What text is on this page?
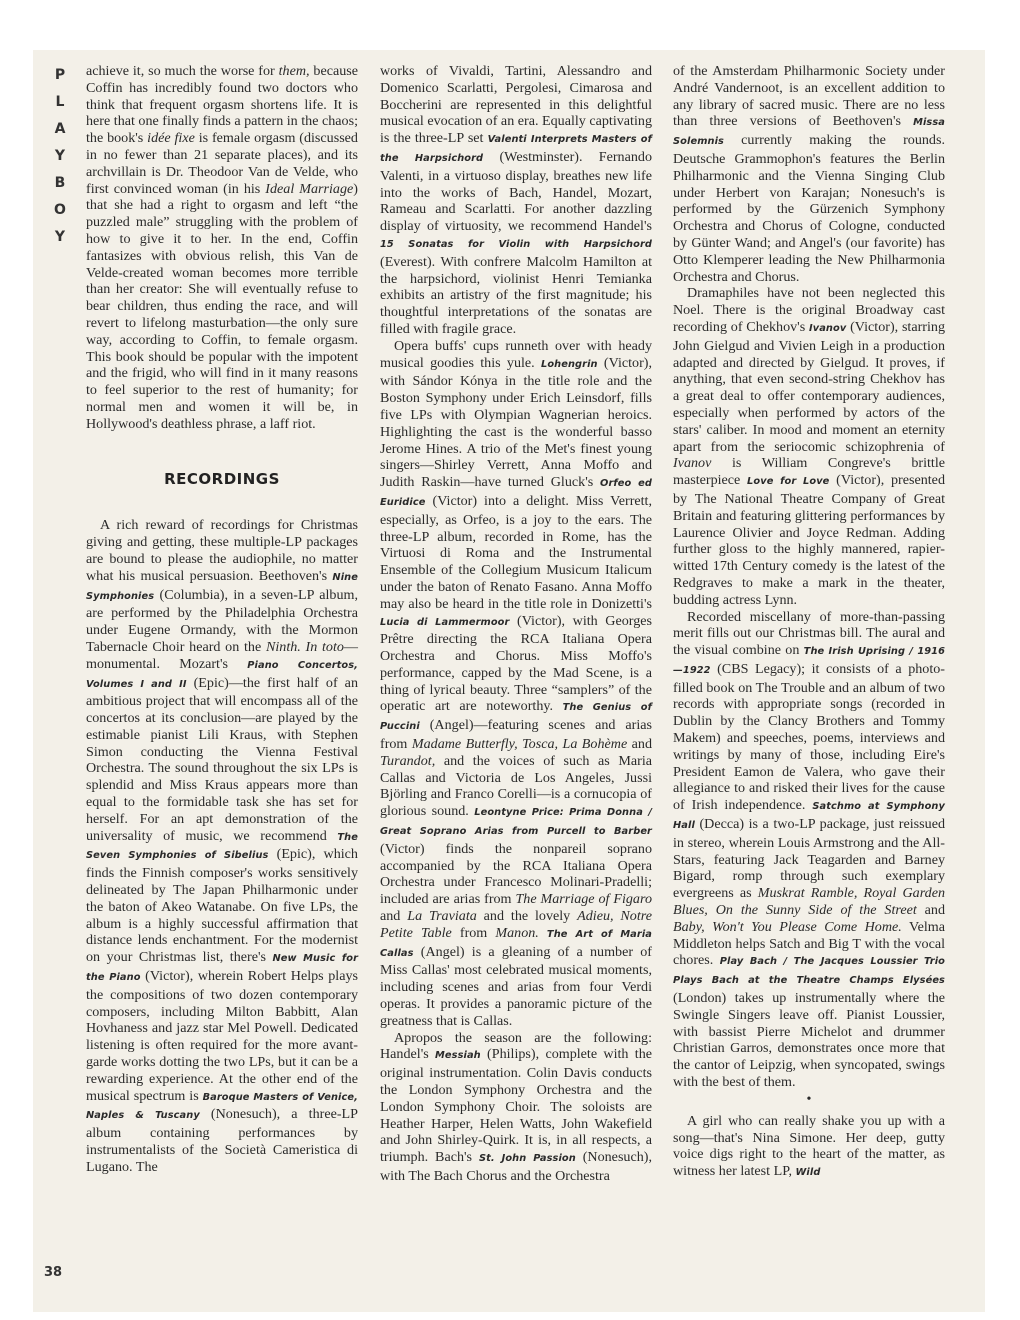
P
L
A
Y
B
O
Y

achieve it, so much the worse for them, because Coffin has incredibly found two doctors who think that frequent orgasm shortens life. It is here that one finally finds a pattern in the chaos; the book's idée fixe is female orgasm (discussed in no fewer than 21 separate places), and its archvillain is Dr. Theodoor Van de Velde, who first convinced woman (in his Ideal Marriage) that she had a right to orgasm and left “the puzzled male” struggling with the problem of how to give it to her. In the end, Coffin fantasizes with obvious relish, this Van de Velde-created woman becomes more terrible than her creator: She will eventually refuse to bear children, thus ending the race, and will revert to lifelong masturbation—the only sure way, according to Coffin, to female orgasm. This book should be popular with the impotent and the frigid, who will find in it many reasons to feel superior to the rest of humanity; for normal men and women it will be, in Hollywood's deathless phrase, a laff riot.

RECORDINGS

A rich reward of recordings for Christmas giving and getting, these multiple-LP packages are bound to please the audiophile, no matter what his musical persuasion. Beethoven's Nine Symphonies (Columbia), in a seven-LP album, are performed by the Philadelphia Orchestra under Eugene Ormandy, with the Mormon Tabernacle Choir heard on the Ninth. In toto—monumental. Mozart's Piano Concertos, Volumes I and II (Epic)—the first half of an ambitious project that will encompass all of the concertos at its conclusion—are played by the estimable pianist Lili Kraus, with Stephen Simon conducting the Vienna Festival Orchestra. The sound throughout the six LPs is splendid and Miss Kraus appears more than equal to the formidable task she has set for herself. For an apt demonstration of the universality of music, we recommend The Seven Symphonies of Sibelius (Epic), which finds the Finnish composer's works sensitively delineated by The Japan Philharmonic under the baton of Akeo Watanabe. On five LPs, the album is a highly successful affirmation that distance lends enchantment. For the modernist on your Christmas list, there's New Music for the Piano (Victor), wherein Robert Helps plays the compositions of two dozen contemporary composers, including Milton Babbitt, Alan Hovhaness and jazz star Mel Powell. Dedicated listening is often required for the more avant-garde works dotting the two LPs, but it can be a rewarding experience. At the other end of the musical spectrum is Baroque Masters of Venice, Naples & Tuscany (Nonesuch), a three-LP album containing performances by instrumentalists of the Società Cameristica di Lugano. The

works of Vivaldi, Tartini, Alessandro and Domenico Scarlatti, Pergolesi, Cimarosa and Boccherini are represented in this delightful musical evocation of an era. Equally captivating is the three-LP set Valenti Interprets Masters of the Harpsichord (Westminster). Fernando Valenti, in a virtuoso display, breathes new life into the works of Bach, Handel, Mozart, Rameau and Scarlatti. For another dazzling display of virtuosity, we recommend Handel's 15 Sonatas for Violin with Harpsichord (Everest). With confrere Malcolm Hamilton at the harpsichord, violinist Henri Temianka exhibits an artistry of the first magnitude; his thoughtful interpretations of the sonatas are filled with fragile grace.

Opera buffs' cups runneth over with heady musical goodies this yule. Lohengrin (Victor), with Sándor Kónya in the title role and the Boston Symphony under Erich Leinsdorf, fills five LPs with Olympian Wagnerian heroics. Highlighting the cast is the wonderful basso Jerome Hines. A trio of the Met's finest young singers—Shirley Verrett, Anna Moffo and Judith Raskin—have turned Gluck's Orfeo ed Euridice (Victor) into a delight. Miss Verrett, especially, as Orfeo, is a joy to the ears. The three-LP album, recorded in Rome, has the Virtuosi di Roma and the Instrumental Ensemble of the Collegium Musicum Italicum under the baton of Renato Fasano. Anna Moffo may also be heard in the title role in Donizetti's Lucia di Lammermoor (Victor), with Georges Prêtre directing the RCA Italiana Opera Orchestra and Chorus. Miss Moffo's performance, capped by the Mad Scene, is a thing of lyrical beauty. Three “samplers” of the operatic art are noteworthy. The Genius of Puccini (Angel)—featuring scenes and arias from Madame Butterfly, Tosca, La Bohème and Turandot, and the voices of such as Maria Callas and Victoria de Los Angeles, Jussi Björling and Franco Corelli—is a cornucopia of glorious sound. Leontyne Price: Prima Donna / Great Soprano Arias from Purcell to Barber (Victor) finds the nonpareil soprano accompanied by the RCA Italiana Opera Orchestra under Francesco Molinari-Pradelli; included are arias from The Marriage of Figaro and La Traviata and the lovely Adieu, Notre Petite Table from Manon. The Art of Maria Callas (Angel) is a gleaning of a number of Miss Callas' most celebrated musical moments, including scenes and arias from four Verdi operas. It provides a panoramic picture of the greatness that is Callas.

Apropos the season are the following: Handel's Messiah (Philips), complete with the original instrumentation. Colin Davis conducts the London Symphony Orchestra and the London Symphony Choir. The soloists are Heather Harper, Helen Watts, John Wakefield and John Shirley-Quirk. It is, in all respects, a triumph. Bach's St. John Passion (Nonesuch), with The Bach Chorus and the Orchestra

of the Amsterdam Philharmonic Society under André Vandernoot, is an excellent addition to any library of sacred music. There are no less than three versions of Beethoven's Missa Solemnis currently making the rounds. Deutsche Grammophon's features the Berlin Philharmonic and the Vienna Singing Club under Herbert von Karajan; Nonesuch's is performed by the Gürzenich Symphony Orchestra and Chorus of Cologne, conducted by Günter Wand; and Angel's (our favorite) has Otto Klemperer leading the New Philharmonia Orchestra and Chorus.

Dramaphiles have not been neglected this Noel. There is the original Broadway cast recording of Chekhov's Ivanov (Victor), starring John Gielgud and Vivien Leigh in a production adapted and directed by Gielgud. It proves, if anything, that even second-string Chekhov has a great deal to offer contemporary audiences, especially when performed by actors of the stars' caliber. In mood and moment an eternity apart from the seriocomic schizophrenia of Ivanov is William Congreve's brittle masterpiece Love for Love (Victor), presented by The National Theatre Company of Great Britain and featuring glittering performances by Laurence Olivier and Joyce Redman. Adding further gloss to the highly mannered, rapier-witted 17th Century comedy is the latest of the Redgraves to make a mark in the theater, budding actress Lynn.

Recorded miscellany of more-than-passing merit fills out our Christmas bill. The aural and the visual combine on The Irish Uprising / 1916—1922 (CBS Legacy); it consists of a photo-filled book on The Trouble and an album of two records with appropriate songs (recorded in Dublin by the Clancy Brothers and Tommy Makem) and speeches, poems, interviews and writings by many of those, including Eire's President Eamon de Valera, who gave their allegiance to and risked their lives for the cause of Irish independence. Satchmo at Symphony Hall (Decca) is a two-LP package, just reissued in stereo, wherein Louis Armstrong and the All-Stars, featuring Jack Teagarden and Barney Bigard, romp through such exemplary evergreens as Muskrat Ramble, Royal Garden Blues, On the Sunny Side of the Street and Baby, Won't You Please Come Home. Velma Middleton helps Satch and Big T with the vocal chores. Play Bach / The Jacques Loussier Trio Plays Bach at the Theatre Champs Elysées (London) takes up instrumentally where the Swingle Singers leave off. Pianist Loussier, with bassist Pierre Michelot and drummer Christian Garros, demonstrates once more that the cantor of Leipzig, when syncopated, swings with the best of them.

•

A girl who can really shake you up with a song—that's Nina Simone. Her deep, gutty voice digs right to the heart of the matter, as witness her latest LP, Wild

38
